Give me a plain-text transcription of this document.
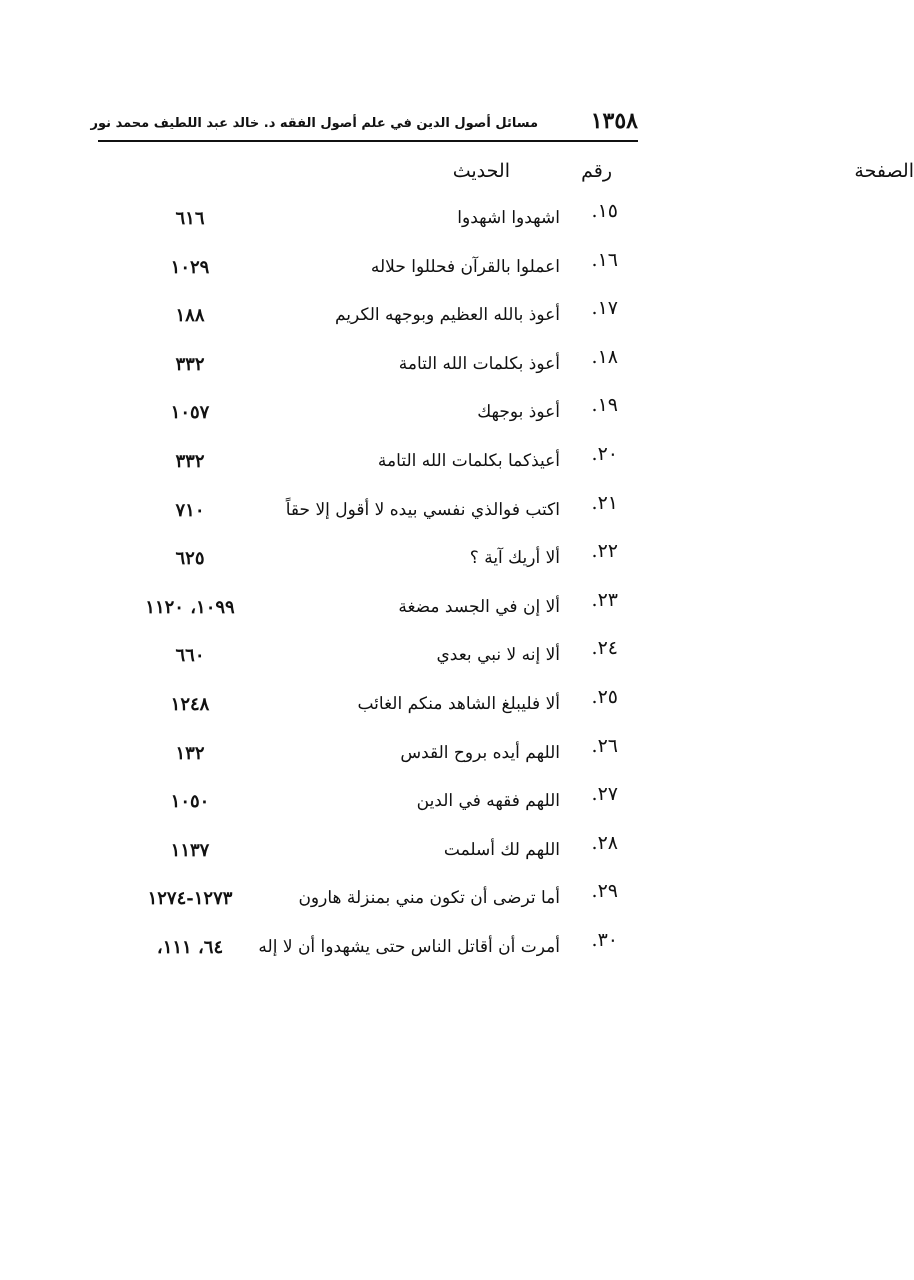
١٣٥٨
مسائل أصول الدين في علم أصول الفقه د. خالد عبد اللطيف محمد نور
رقم
الحديث	الصفحة
١٥.
اشهدوا اشهدوا
٦١٦
١٦.
اعملوا بالقرآن فحللوا حلاله
١٠٢٩
١٧.
أعوذ بالله العظيم وبوجهه الكريم
١٨٨
١٨.
أعوذ بكلمات الله التامة
٣٣٢
١٩.
أعوذ بوجهك
١٠٥٧
٢٠.
أعيذكما بكلمات الله التامة
٣٣٢
٢١.
اكتب فوالذي نفسي بيده لا أقول إلا حقاً
٧١٠
٢٢.
ألا أريك آية ؟
٦٢٥
٢٣.
ألا إن في الجسد مضغة
١٠٩٩، ١١٢٠
٢٤.
ألا إنه لا نبي بعدي
٦٦٠
٢٥.
ألا فليبلغ الشاهد منكم الغائب
١٢٤٨
٢٦.
اللهم أيده بروح القدس
١٣٢
٢٧.
اللهم فقهه في الدين
١٠٥٠
٢٨.
اللهم لك أسلمت
١١٣٧
٢٩.
أما ترضى أن تكون مني بمنزلة هارون
١٢٧٣-١٢٧٤
٣٠.
أمرت أن أقاتل الناس حتى يشهدوا أن لا إله
٦٤، ١١١،
